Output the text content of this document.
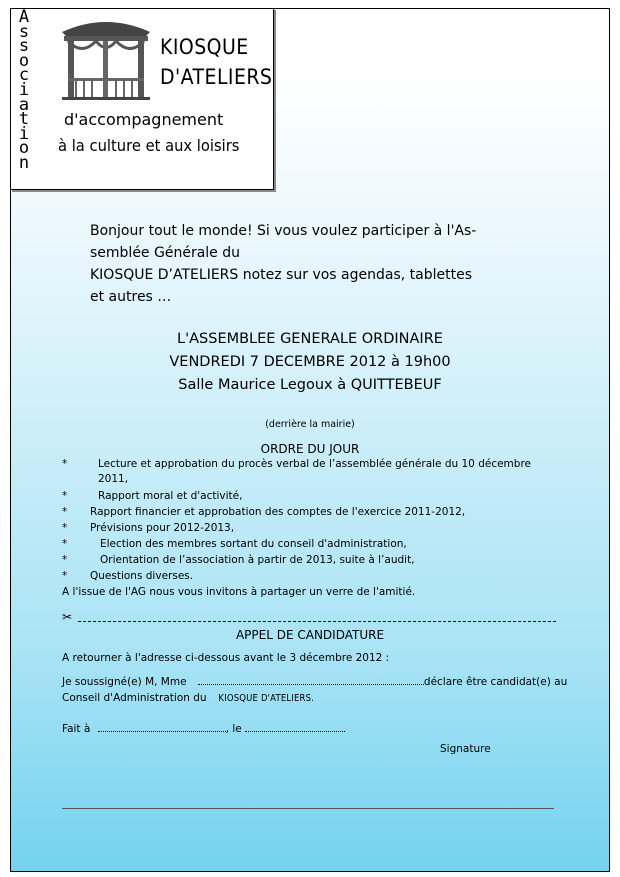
Association
KIOSQUE
D'ATELIERS
d'accompagnement
à la culture et aux loisirs
Bonjour tout le monde! Si vous voulez participer à l'As-
semblée Générale du
KIOSQUE D’ATELIERS notez sur vos agendas, tablettes
et autres …
L'ASSEMBLEE GENERALE ORDINAIRE
VENDREDI 7 DECEMBRE 2012 à 19h00
Salle Maurice Legoux à QUITTEBEUF
(derrière la mairie)
ORDRE DU JOUR
*	Lecture et approbation du procès verbal de l’assemblée générale du 10 décembre
2011,
*	Rapport moral et d'activité,
* Rapport financier et approbation des comptes de l'exercice 2011-2012,
* Prévisions pour 2012-2013,
*	Election des membres sortant du conseil d'administration,
*	Orientation de l’association à partir de 2013, suite à l’audit,
* Questions diverses.
A l'issue de l'AG nous vous invitons à partager un verre de l'amitié.
✂
APPEL DE CANDIDATURE
A retourner à l'adresse ci-dessous avant le 3 décembre 2012 :
Je soussigné(e) M, Mme	déclare être candidat(e) au
Conseil d'Administration du KIOSQUE D'ATELIERS.
Fait à	, le
Signature
